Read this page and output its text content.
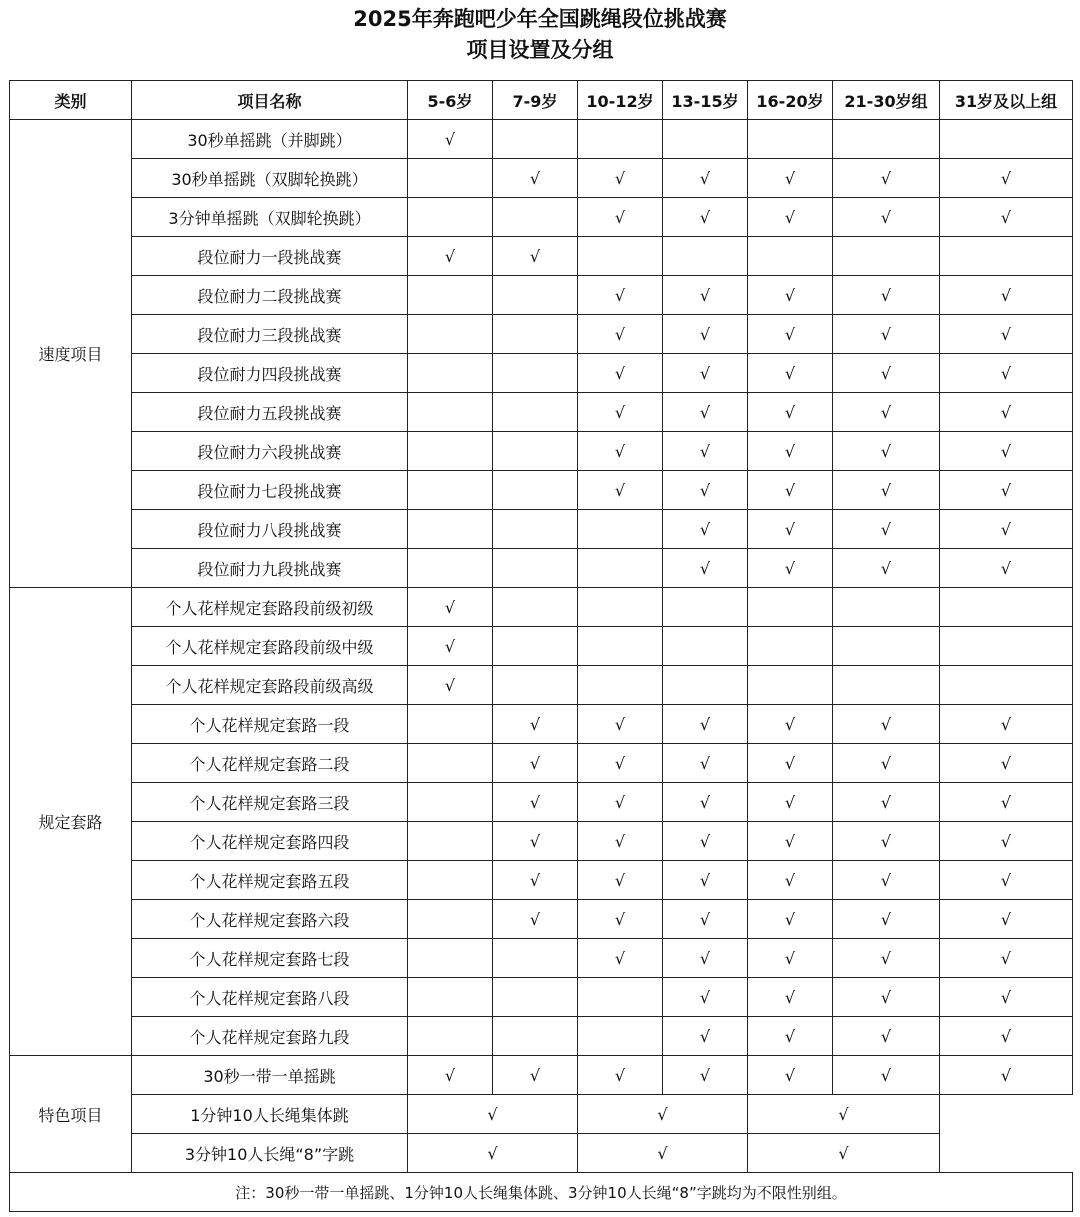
2025年奔跑吧少年全国跳绳段位挑战赛
项目设置及分组
类别	项目名称	5-6岁	7-9岁	10-12岁	13-15岁	16-20岁	21-30岁组	31岁及以上组
速度项目	30秒单摇跳（并脚跳）	√						
	30秒单摇跳（双脚轮换跳）		√	√	√	√	√	√
	3分钟单摇跳（双脚轮换跳）			√	√	√	√	√
	段位耐力一段挑战赛	√	√					
	段位耐力二段挑战赛			√	√	√	√	√
	段位耐力三段挑战赛			√	√	√	√	√
	段位耐力四段挑战赛			√	√	√	√	√
	段位耐力五段挑战赛			√	√	√	√	√
	段位耐力六段挑战赛			√	√	√	√	√
	段位耐力七段挑战赛			√	√	√	√	√
	段位耐力八段挑战赛				√	√	√	√
	段位耐力九段挑战赛				√	√	√	√
规定套路	个人花样规定套路段前级初级	√						
	个人花样规定套路段前级中级	√						
	个人花样规定套路段前级高级	√						
	个人花样规定套路一段		√	√	√	√	√	√
	个人花样规定套路二段		√	√	√	√	√	√
	个人花样规定套路三段		√	√	√	√	√	√
	个人花样规定套路四段		√	√	√	√	√	√
	个人花样规定套路五段		√	√	√	√	√	√
	个人花样规定套路六段		√	√	√	√	√	√
	个人花样规定套路七段			√	√	√	√	√
	个人花样规定套路八段				√	√	√	√
	个人花样规定套路九段				√	√	√	√
特色项目	30秒一带一单摇跳	√	√	√	√	√	√	√
	1分钟10人长绳集体跳	√		√		√		
	3分钟10人长绳“8”字跳	√		√		√		
注：30秒一带一单摇跳、1分钟10人长绳集体跳、3分钟10人长绳“8”字跳均为不限性别组。								
